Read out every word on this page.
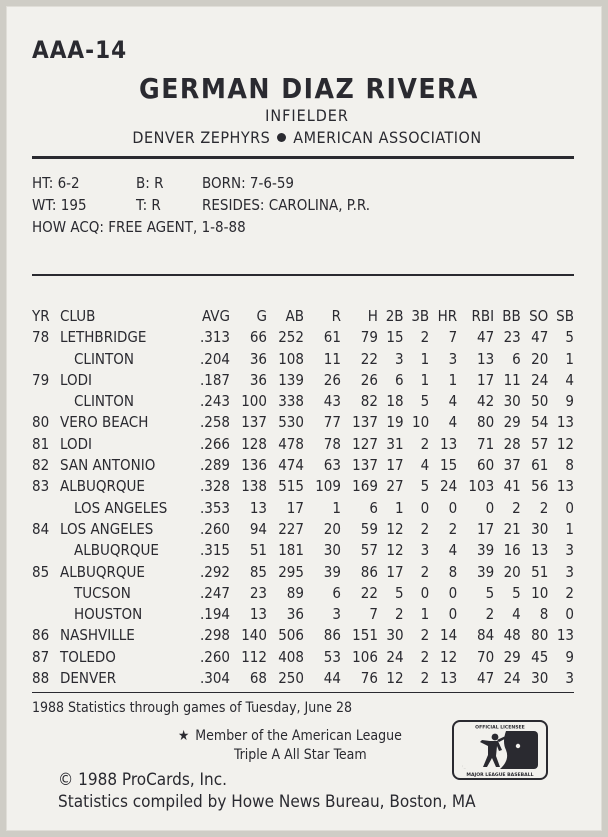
AAA-14
GERMAN DIAZ RIVERA
INFIELDER
DENVER ZEPHYRS AMERICAN ASSOCIATION
HT: 6-2	B: R	BORN: 7-6-59
WT: 195	T: R	RESIDES: CAROLINA, P.R.
HOW ACQ: FREE AGENT, 1-8-88
YR	CLUB	AVG	G	AB	R	H	2B	3B	HR	RBI	BB	SO	SB
78	LETHBRIDGE	.313	66	252	61	79	15	2	7	47	23	47	5
	CLINTON	.204	36	108	11	22	3	1	3	13	6	20	1
79	LODI	.187	36	139	26	26	6	1	1	17	11	24	4
	CLINTON	.243	100	338	43	82	18	5	4	42	30	50	9
80	VERO BEACH	.258	137	530	77	137	19	10	4	80	29	54	13
81	LODI	.266	128	478	78	127	31	2	13	71	28	57	12
82	SAN ANTONIO	.289	136	474	63	137	17	4	15	60	37	61	8
83	ALBUQRQUE	.328	138	515	109	169	27	5	24	103	41	56	13
	LOS ANGELES	.353	13	17	1	6	1	0	0	0	2	2	0
84	LOS ANGELES	.260	94	227	20	59	12	2	2	17	21	30	1
	ALBUQRQUE	.315	51	181	30	57	12	3	4	39	16	13	3
85	ALBUQRQUE	.292	85	295	39	86	17	2	8	39	20	51	3
	TUCSON	.247	23	89	6	22	5	0	0	5	5	10	2
	HOUSTON	.194	13	36	3	7	2	1	0	2	4	8	0
86	NASHVILLE	.298	140	506	86	151	30	2	14	84	48	80	13
87	TOLEDO	.260	112	408	53	106	24	2	12	70	29	45	9
88	DENVER	.304	68	250	44	76	12	2	13	47	24	30	3
1988 Statistics through games of Tuesday, June 28
★ Member of the American League
Triple A All Star Team
© 1988 ProCards, Inc.
Statistics compiled by Howe News Bureau, Boston, MA
OFFICIAL LICENSEE
MAJOR LEAGUE BASEBALL
